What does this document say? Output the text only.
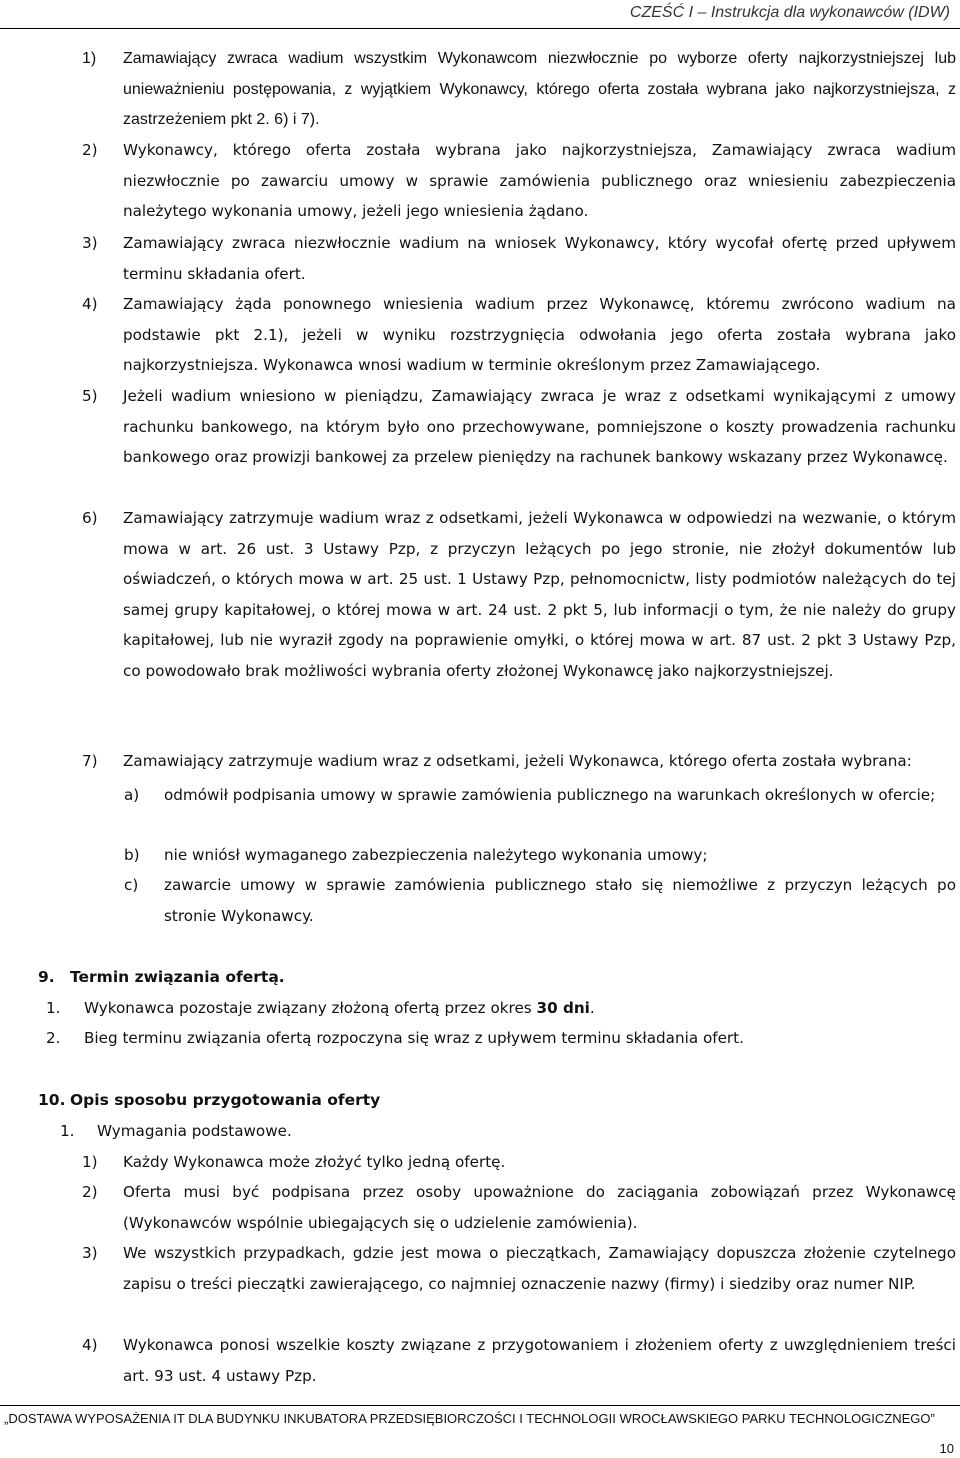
CZEŚĆ I – Instrukcja dla wykonawców (IDW)
1) Zamawiający zwraca wadium wszystkim Wykonawcom niezwłocznie po wyborze oferty najkorzystniejszej lub unieważnieniu postępowania, z wyjątkiem Wykonawcy, którego oferta została wybrana jako najkorzystniejsza, z zastrzeżeniem pkt 2. 6) i 7).
2) Wykonawcy, którego oferta została wybrana jako najkorzystniejsza, Zamawiający zwraca wadium niezwłocznie po zawarciu umowy w sprawie zamówienia publicznego oraz wniesieniu zabezpieczenia należytego wykonania umowy, jeżeli jego wniesienia żądano.
3) Zamawiający zwraca niezwłocznie wadium na wniosek Wykonawcy, który wycofał ofertę przed upływem terminu składania ofert.
4) Zamawiający żąda ponownego wniesienia wadium przez Wykonawcę, któremu zwrócono wadium na podstawie pkt 2.1), jeżeli w wyniku rozstrzygnięcia odwołania jego oferta została wybrana jako najkorzystniejsza. Wykonawca wnosi wadium w terminie określonym przez Zamawiającego.
5) Jeżeli wadium wniesiono w pieniądzu, Zamawiający zwraca je wraz z odsetkami wynikającymi z umowy rachunku bankowego, na którym było ono przechowywane, pomniejszone o koszty prowadzenia rachunku bankowego oraz prowizji bankowej za przelew pieniędzy na rachunek bankowy wskazany przez Wykonawcę.
6) Zamawiający zatrzymuje wadium wraz z odsetkami, jeżeli Wykonawca w odpowiedzi na wezwanie, o którym mowa w art. 26 ust. 3 Ustawy Pzp, z przyczyn leżących po jego stronie, nie złożył dokumentów lub oświadczeń, o których mowa w art. 25 ust. 1 Ustawy Pzp, pełnomocnictw, listy podmiotów należących do tej samej grupy kapitałowej, o której mowa w art. 24 ust. 2 pkt 5, lub informacji o tym, że nie należy do grupy kapitałowej, lub nie wyraził zgody na poprawienie omyłki, o której mowa w art. 87 ust. 2 pkt 3 Ustawy Pzp, co powodowało brak możliwości wybrania oferty złożonej Wykonawcę jako najkorzystniejszej.
7) Zamawiający zatrzymuje wadium wraz z odsetkami, jeżeli Wykonawca, którego oferta została wybrana:
a) odmówił podpisania umowy w sprawie zamówienia publicznego na warunkach określonych w ofercie;
b) nie wniósł wymaganego zabezpieczenia należytego wykonania umowy;
c) zawarcie umowy w sprawie zamówienia publicznego stało się niemożliwe z przyczyn leżących po stronie Wykonawcy.
9. Termin związania ofertą.
1. Wykonawca pozostaje związany złożoną ofertą przez okres 30 dni.
2. Bieg terminu związania ofertą rozpoczyna się wraz z upływem terminu składania ofert.
10. Opis sposobu przygotowania oferty
1. Wymagania podstawowe.
1) Każdy Wykonawca może złożyć tylko jedną ofertę.
2) Oferta musi być podpisana przez osoby upoważnione do zaciągania zobowiązań przez Wykonawcę (Wykonawców wspólnie ubiegających się o udzielenie zamówienia).
3) We wszystkich przypadkach, gdzie jest mowa o pieczątkach, Zamawiający dopuszcza złożenie czytelnego zapisu o treści pieczątki zawierającego, co najmniej oznaczenie nazwy (firmy) i siedziby oraz numer NIP.
4) Wykonawca ponosi wszelkie koszty związane z przygotowaniem i złożeniem oferty z uwzględnieniem treści art. 93 ust. 4 ustawy Pzp.
„DOSTAWA WYPOSAŻENIA IT DLA BUDYNKU INKUBATORA PRZEDSIĘBIORCZOŚCI I TECHNOLOGII WROCŁAWSKIEGO PARKU TECHNOLOGICZNEGO”
10
